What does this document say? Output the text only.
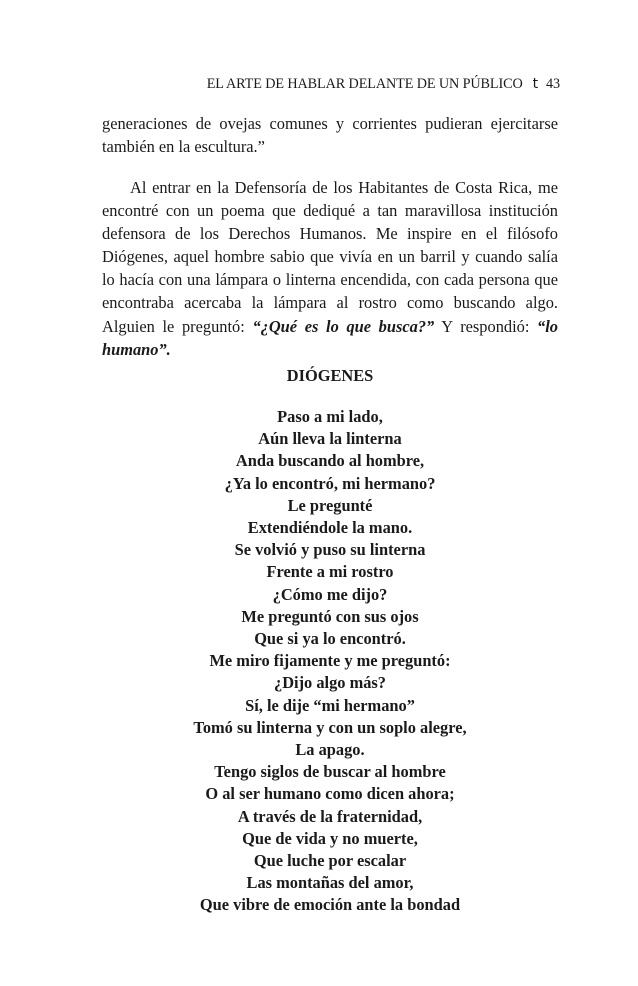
EL ARTE DE HABLAR DELANTE DE UN PÚBLICO t 43

generaciones de ovejas comunes y corrientes pudieran ejercitarse también en la escultura.”

Al entrar en la Defensoría de los Habitantes de Costa Rica, me encontré con un poema que dediqué a tan maravillosa institución defensora de los Derechos Humanos. Me inspire en el filósofo Diógenes, aquel hombre sabio que vivía en un barril y cuando salía lo hacía con una lámpara o linterna encendida, con cada persona que encontraba acercaba la lámpara al rostro como buscando algo. Alguien le preguntó: “¿Qué es lo que busca?” Y respondió: “lo humano”.

DIÓGENES
Paso a mi lado,
Aún lleva la linterna
Anda buscando al hombre,
¿Ya lo encontró, mi hermano?
Le pregunté
Extendiéndole la mano.
Se volvió y puso su linterna
Frente a mi rostro
¿Cómo me dijo?
Me preguntó con sus ojos
Que si ya lo encontró.
Me miro fijamente y me preguntó:
¿Dijo algo más?
Sí, le dije “mi hermano”
Tomó su linterna y con un soplo alegre,
La apago.
Tengo siglos de buscar al hombre
O al ser humano como dicen ahora;
A través de la fraternidad,
Que de vida y no muerte,
Que luche por escalar
Las montañas del amor,
Que vibre de emoción ante la bondad
